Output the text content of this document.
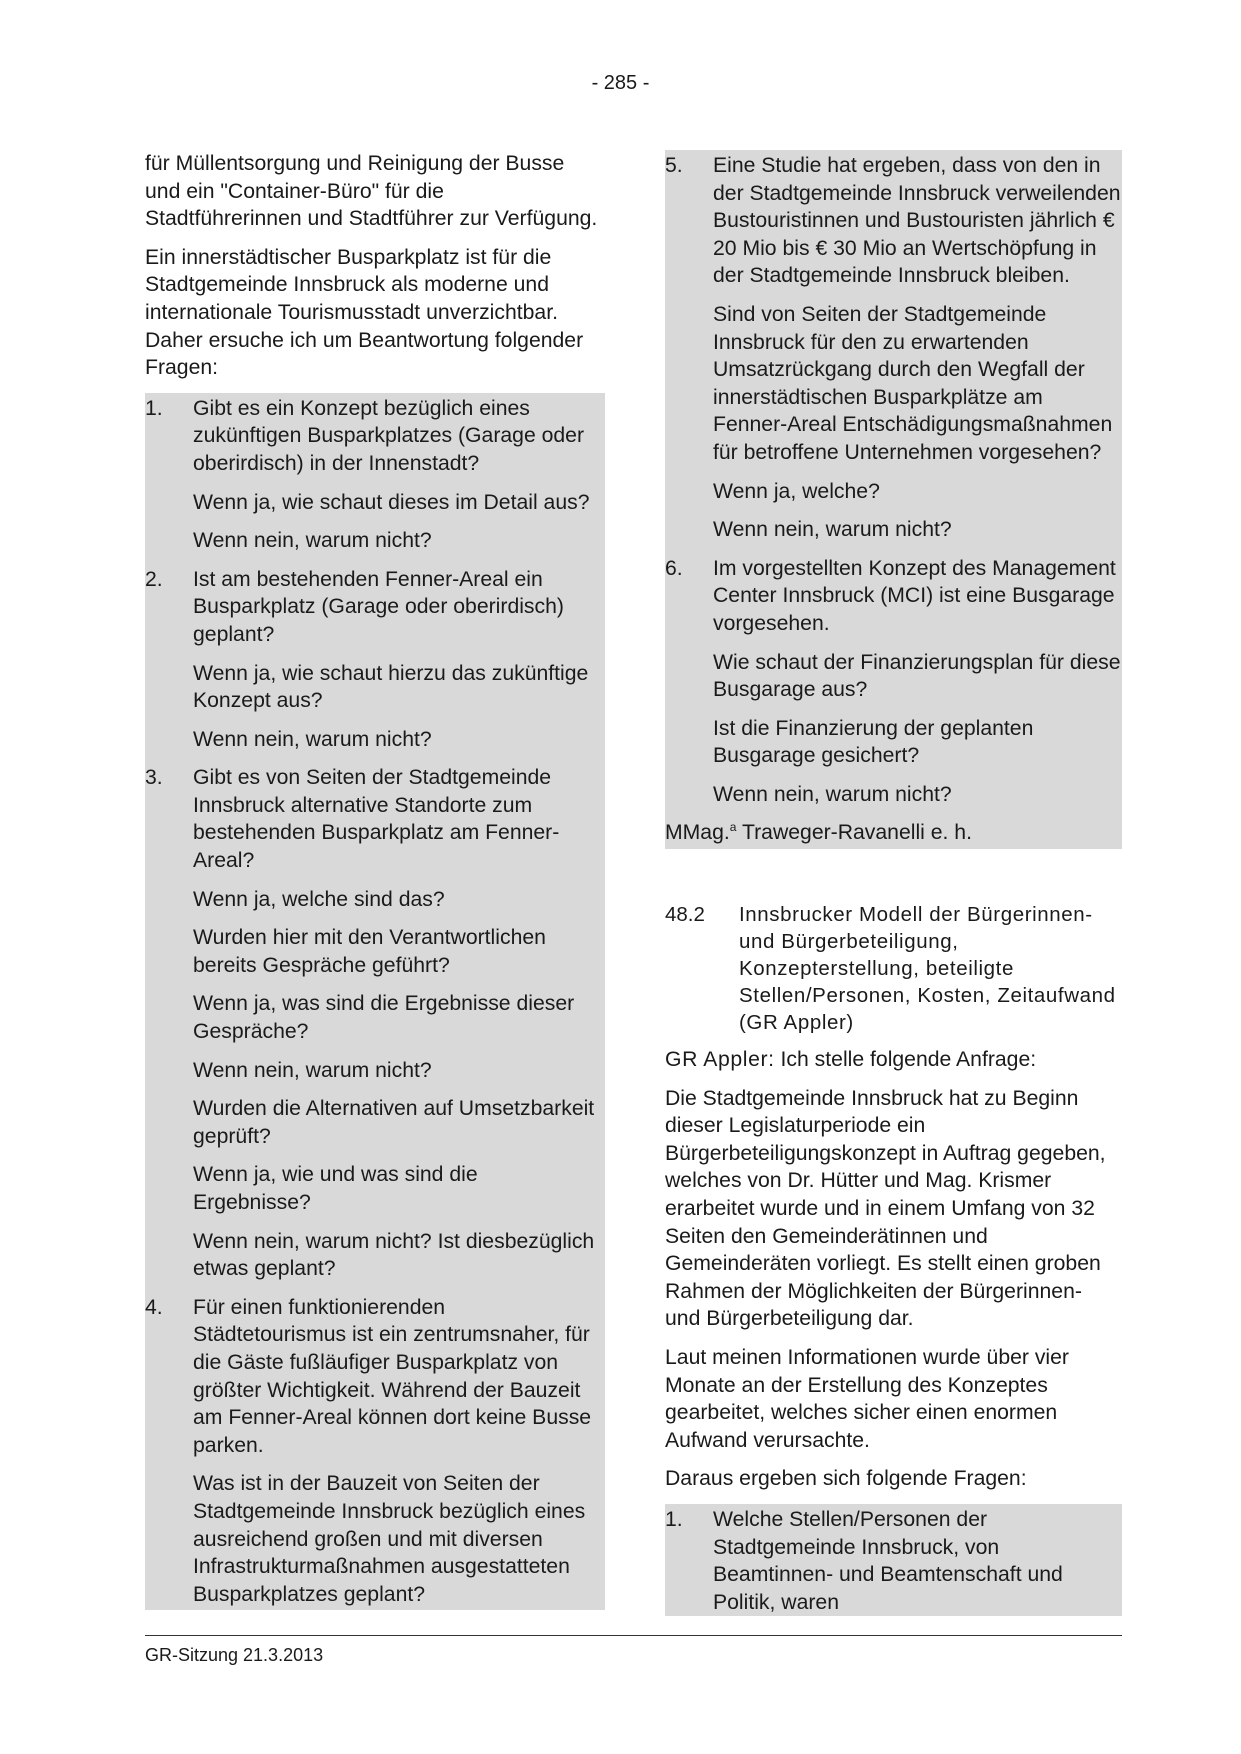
- 285 -

für Müllentsorgung und Reinigung der Busse und ein "Container-Büro" für die Stadtführerinnen und Stadtführer zur Verfügung.

Ein innerstädtischer Busparkplatz ist für die Stadtgemeinde Innsbruck als moderne und internationale Tourismusstadt unverzichtbar. Daher ersuche ich um Beantwortung folgender Fragen:

1.	Gibt es ein Konzept bezüglich eines zukünftigen Busparkplatzes (Garage oder oberirdisch) in der Innenstadt?

Wenn ja, wie schaut dieses im Detail aus?

Wenn nein, warum nicht?

2.	Ist am bestehenden Fenner-Areal ein Busparkplatz (Garage oder oberirdisch) geplant?

Wenn ja, wie schaut hierzu das zukünftige Konzept aus?

Wenn nein, warum nicht?

3.	Gibt es von Seiten der Stadtgemeinde Innsbruck alternative Standorte zum bestehenden Busparkplatz am Fenner-Areal?

Wenn ja, welche sind das?

Wurden hier mit den Verantwortlichen bereits Gespräche geführt?

Wenn ja, was sind die Ergebnisse dieser Gespräche?

Wenn nein, warum nicht?

Wurden die Alternativen auf Umsetzbarkeit geprüft?

Wenn ja, wie und was sind die Ergebnisse?

Wenn nein, warum nicht? Ist diesbezüglich etwas geplant?

4.	Für einen funktionierenden Städtetourismus ist ein zentrumsnaher, für die Gäste fußläufiger Busparkplatz von größter Wichtigkeit. Während der Bauzeit am Fenner-Areal können dort keine Busse parken.

Was ist in der Bauzeit von Seiten der Stadtgemeinde Innsbruck bezüglich eines ausreichend großen und mit diversen Infrastrukturmaßnahmen ausgestatteten Busparkplatzes geplant?

5.	Eine Studie hat ergeben, dass von den in der Stadtgemeinde Innsbruck verweilenden Bustouristinnen und Bustouristen jährlich € 20 Mio bis € 30 Mio an Wertschöpfung in der Stadtgemeinde Innsbruck bleiben.

Sind von Seiten der Stadtgemeinde Innsbruck für den zu erwartenden Umsatzrückgang durch den Wegfall der innerstädtischen Busparkplätze am Fenner-Areal Entschädigungsmaßnahmen für betroffene Unternehmen vorgesehen?

Wenn ja, welche?

Wenn nein, warum nicht?

6.	Im vorgestellten Konzept des Management Center Innsbruck (MCI) ist eine Busgarage vorgesehen.

Wie schaut der Finanzierungsplan für diese Busgarage aus?

Ist die Finanzierung der geplanten Busgarage gesichert?

Wenn nein, warum nicht?

MMag.$^a$ Traweger-Ravanelli e. h.

48.2	Innsbrucker Modell der Bürgerinnen- und Bürgerbeteiligung, Konzepterstellung, beteiligte Stellen/Personen, Kosten, Zeitaufwand (GR Appler)

GR Appler: Ich stelle folgende Anfrage:

Die Stadtgemeinde Innsbruck hat zu Beginn dieser Legislaturperiode ein Bürgerbeteiligungskonzept in Auftrag gegeben, welches von Dr. Hütter und Mag. Krismer erarbeitet wurde und in einem Umfang von 32 Seiten den Gemeinderätinnen und Gemeinderäten vorliegt. Es stellt einen groben Rahmen der Möglichkeiten der Bürgerinnen- und Bürgerbeteiligung dar.

Laut meinen Informationen wurde über vier Monate an der Erstellung des Konzeptes gearbeitet, welches sicher einen enormen Aufwand verursachte.

Daraus ergeben sich folgende Fragen:

1.	Welche Stellen/Personen der Stadtgemeinde Innsbruck, von Beamtinnen- und Beamtenschaft und Politik, waren
GR-Sitzung 21.3.2013
